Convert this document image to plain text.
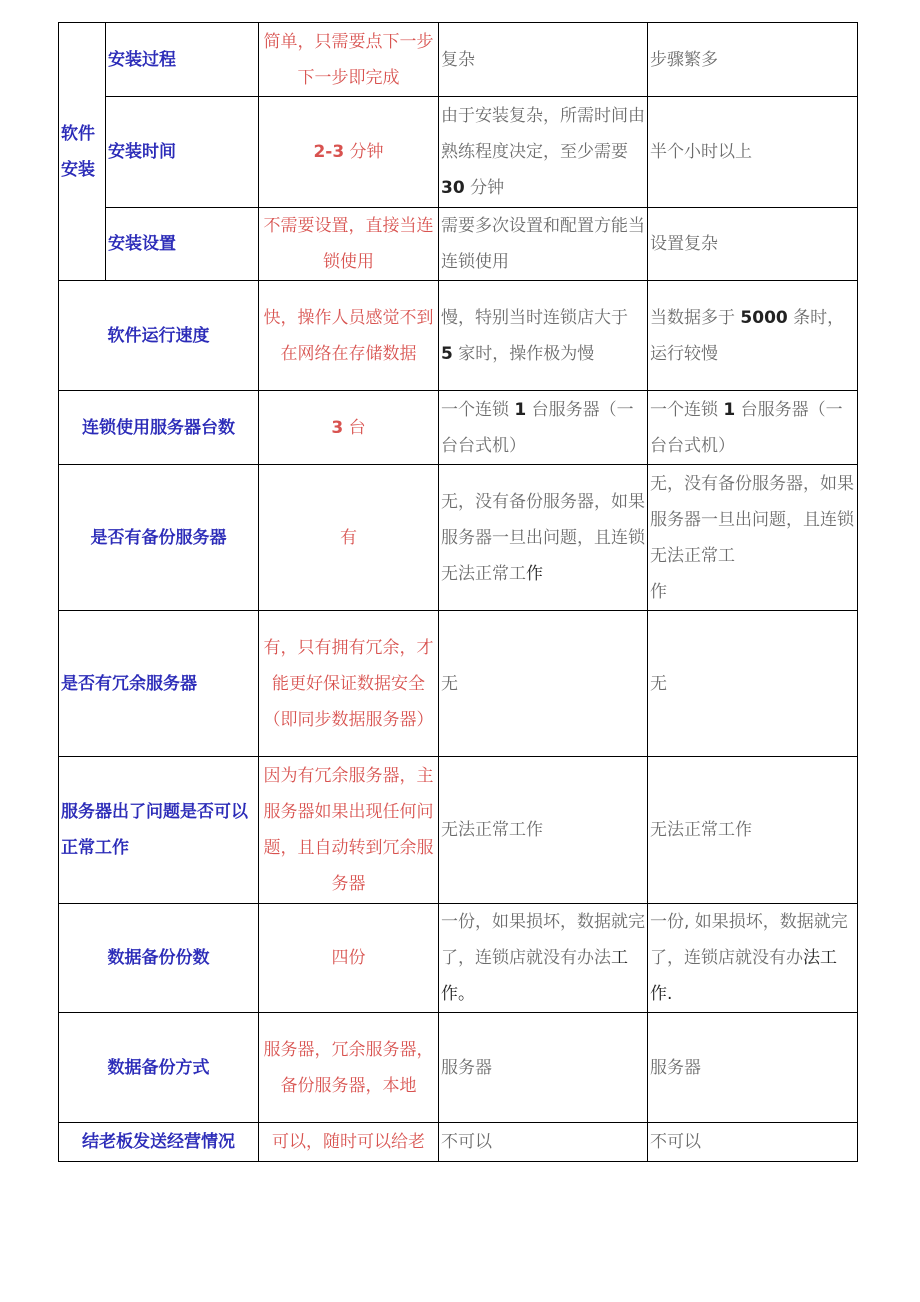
软件
安装	安装过程	简单，只需要点下一步下一步即完成	复杂	步骤繁多
	安装时间	2-3 分钟	由于安装复杂，所需时间由熟练程度决定，至少需要 30 分钟	半个小时以上
	安装设置	不需要设置，直接当连锁使用	需要多次设置和配置方能当连锁使用	设置复杂
软件运行速度		快，操作人员感觉不到在网络在存储数据	慢，特别当时连锁店大于 5 家时，操作极为慢	当数据多于 5000 条时，运行较慢
连锁使用服务器台数		3 台	一个连锁 1 台服务器（一台台式机）	一个连锁 1 台服务器（一台台式机）
是否有备份服务器		有	无，没有备份服务器，如果服务器一旦出问题，且连锁无法正常工作	无，没有备份服务器，如果服务器一旦出问题，且连锁无法正常工
作
是否有冗余服务器		有，只有拥有冗余，才能更好保证数据安全（即同步数据服务器）	无	无
服务器出了问题是否可以正常工作		因为有冗余服务器，主服务器如果出现任何问题，且自动转到冗余服务器	无法正常工作	无法正常工作
数据备份份数		四份	一份，如果损坏，数据就完了，连锁店就没有办法工作。	一份, 如果损坏，数据就完了，连锁店就没有办法工作.
数据备份方式		服务器，冗余服务器，备份服务器，本地	服务器	服务器
结老板发送经营情况		可以，随时可以给老	不可以	不可以
